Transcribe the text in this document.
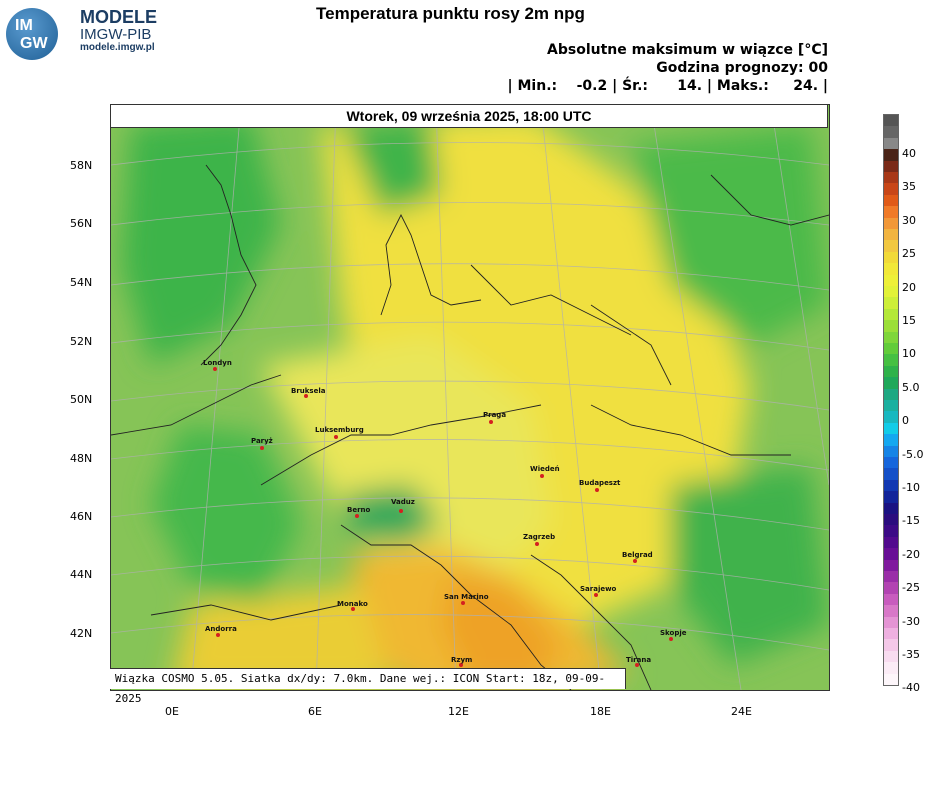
IM
GW
MODELE
IMGW-PIB
modele.imgw.pl
Temperatura punktu rosy 2m npg
Absolutne maksimum w wiązce [°C]
Godzina prognozy: 00
| Min.:    -0.2 | Śr.:      14. | Maks.:     24. |
Londyn
Bruksela
Paryż
Luksemburg
Praga
Wiedeń
Budapeszt
Berno
Vaduz
Zagrzeb
Belgrad
Monako
San Marino
Sarajewo
Andorra	Skopje
Rzym	Tirana
Wtorek, 09 września 2025, 18:00 UTC
Wiązka COSMO 5.05. Siatka dx/dy: 7.0km. Dane wej.: ICON Start: 18z, 09-09-2025
58N
56N
54N
52N
50N
48N
46N
44N
42N
0E	6E	12E	18E	24E
40
35
30
25
20
15
10
5.0
0
-5.0
-10
-15
-20
-25
-30
-35
-40
